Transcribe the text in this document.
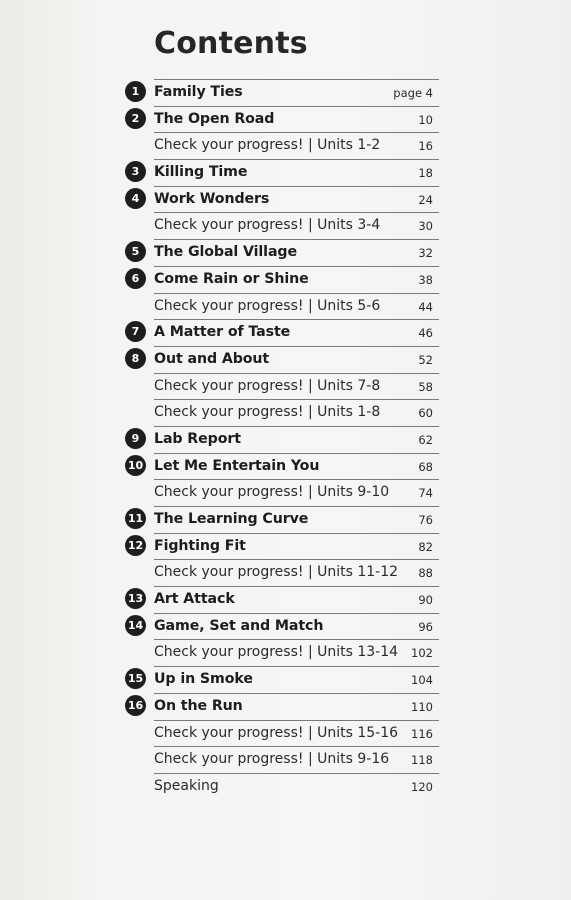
Contents
1	Family Ties	page 4
2	The Open Road	10
Check your progress! | Units 1-2	16
3	Killing Time	18
4	Work Wonders	24
Check your progress! | Units 3-4	30
5	The Global Village	32
6	Come Rain or Shine	38
Check your progress! | Units 5-6	44
7	A Matter of Taste	46
8	Out and About	52
Check your progress! | Units 7-8	58
Check your progress! | Units 1-8	60
9	Lab Report	62
10 Let Me Entertain You	68
Check your progress! | Units 9-10	74
11 The Learning Curve	76
12 Fighting Fit	82
Check your progress! | Units 11-12 88
13 Art Attack	90
14 Game, Set and Match	96
Check your progress! | Units 13-14 102
15 Up in Smoke	104
16 On the Run	110
Check your progress! | Units 15-16 116
Check your progress! | Units 9-16 118
Speaking	120
